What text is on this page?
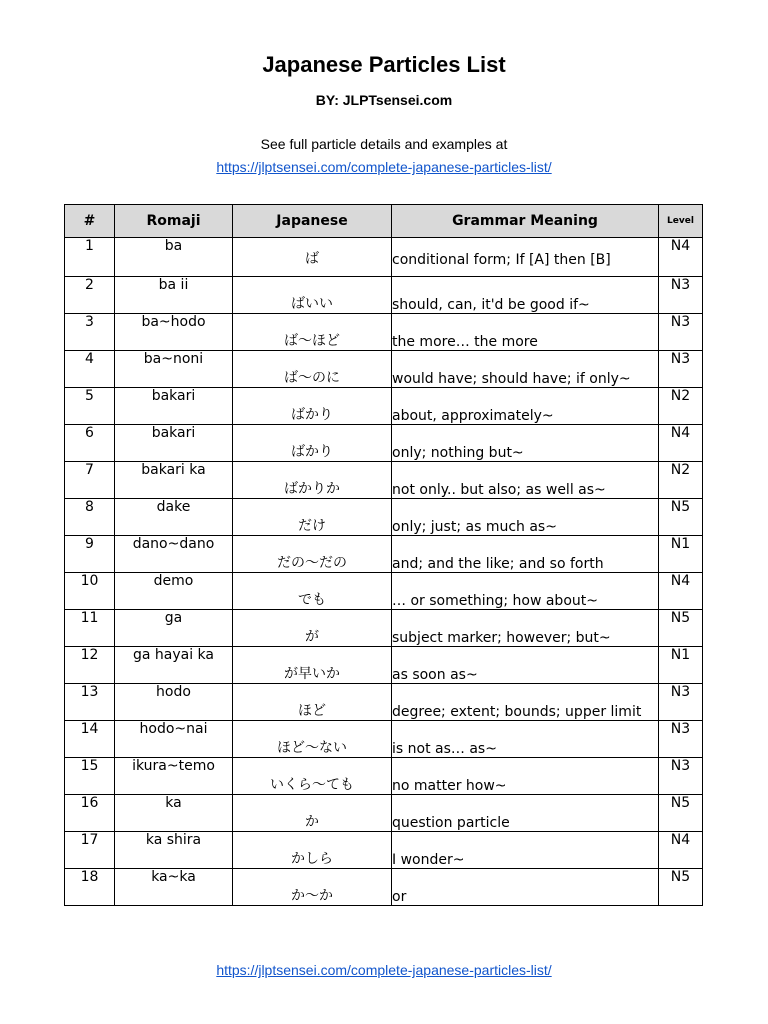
Japanese Particles List
BY: JLPTsensei.com
See full particle details and examples at
https://jlptsensei.com/complete-japanese-particles-list/
#	Romaji	Japanese	Grammar Meaning	Level
1	ba	ば	conditional form; If [A] then [B]	N4
2	ba ii	ばいい	should, can, it'd be good if~	N3
3	ba~hodo	ば～ほど	the more… the more	N3
4	ba~noni	ば～のに	would have; should have; if only~	N3
5	bakari	ばかり	about, approximately~	N2
6	bakari	ばかり	only; nothing but~	N4
7	bakari ka	ばかりか	not only.. but also; as well as~	N2
8	dake	だけ	only; just; as much as~	N5
9	dano~dano	だの～だの	and; and the like; and so forth	N1
10	demo	でも	… or something; how about~	N4
11	ga	が	subject marker; however; but~	N5
12	ga hayai ka	が早いか	as soon as~	N1
13	hodo	ほど	degree; extent; bounds; upper limit	N3
14	hodo~nai	ほど～ない	is not as… as~	N3
15	ikura~temo	いくら～ても	no matter how~	N3
16	ka	か	question particle	N5
17	ka shira	かしら	I wonder~	N4
18	ka~ka	か～か	or	N5
https://jlptsensei.com/complete-japanese-particles-list/
